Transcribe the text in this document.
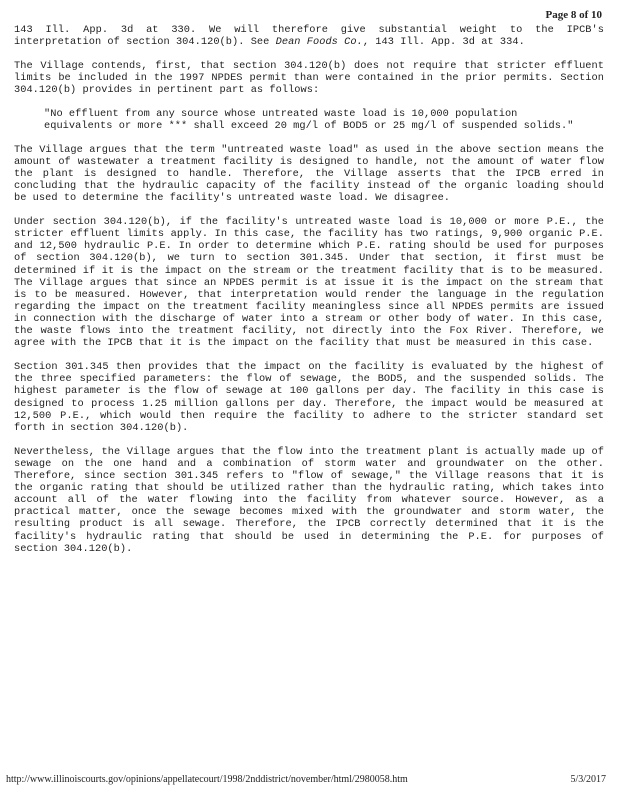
Page 8 of 10

143 Ill. App. 3d at 330. We will therefore give substantial weight to the IPCB's interpretation of section 304.120(b). See Dean Foods Co., 143 Ill. App. 3d at 334.

The Village contends, first, that section 304.120(b) does not require that stricter effluent limits be included in the 1997 NPDES permit than were contained in the prior permits. Section 304.120(b) provides in pertinent part as follows:

"No effluent from any source whose untreated waste load is 10,000 population equivalents or more *** shall exceed 20 mg/l of BOD5 or 25 mg/l of suspended solids."

The Village argues that the term "untreated waste load" as used in the above section means the amount of wastewater a treatment facility is designed to handle, not the amount of water flow the plant is designed to handle. Therefore, the Village asserts that the IPCB erred in concluding that the hydraulic capacity of the facility instead of the organic loading should be used to determine the facility's untreated waste load. We disagree.

Under section 304.120(b), if the facility's untreated waste load is 10,000 or more P.E., the stricter effluent limits apply. In this case, the facility has two ratings, 9,900 organic P.E. and 12,500 hydraulic P.E. In order to determine which P.E. rating should be used for purposes of section 304.120(b), we turn to section 301.345. Under that section, it first must be determined if it is the impact on the stream or the treatment facility that is to be measured. The Village argues that since an NPDES permit is at issue it is the impact on the stream that is to be measured. However, that interpretation would render the language in the regulation regarding the impact on the treatment facility meaningless since all NPDES permits are issued in connection with the discharge of water into a stream or other body of water. In this case, the waste flows into the treatment facility, not directly into the Fox River. Therefore, we agree with the IPCB that it is the impact on the facility that must be measured in this case.

Section 301.345 then provides that the impact on the facility is evaluated by the highest of the three specified parameters: the flow of sewage, the BOD5, and the suspended solids. The highest parameter is the flow of sewage at 100 gallons per day. The facility in this case is designed to process 1.25 million gallons per day. Therefore, the impact would be measured at 12,500 P.E., which would then require the facility to adhere to the stricter standard set forth in section 304.120(b).

Nevertheless, the Village argues that the flow into the treatment plant is actually made up of sewage on the one hand and a combination of storm water and groundwater on the other. Therefore, since section 301.345 refers to "flow of sewage," the Village reasons that it is the organic rating that should be utilized rather than the hydraulic rating, which takes into account all of the water flowing into the facility from whatever source. However, as a practical matter, once the sewage becomes mixed with the groundwater and storm water, the resulting product is all sewage. Therefore, the IPCB correctly determined that it is the facility's hydraulic rating that should be used in determining the P.E. for purposes of section 304.120(b).

http://www.illinoiscourts.gov/opinions/appellatecourt/1998/2nddistrict/november/html/2980058.htm	5/3/2017
